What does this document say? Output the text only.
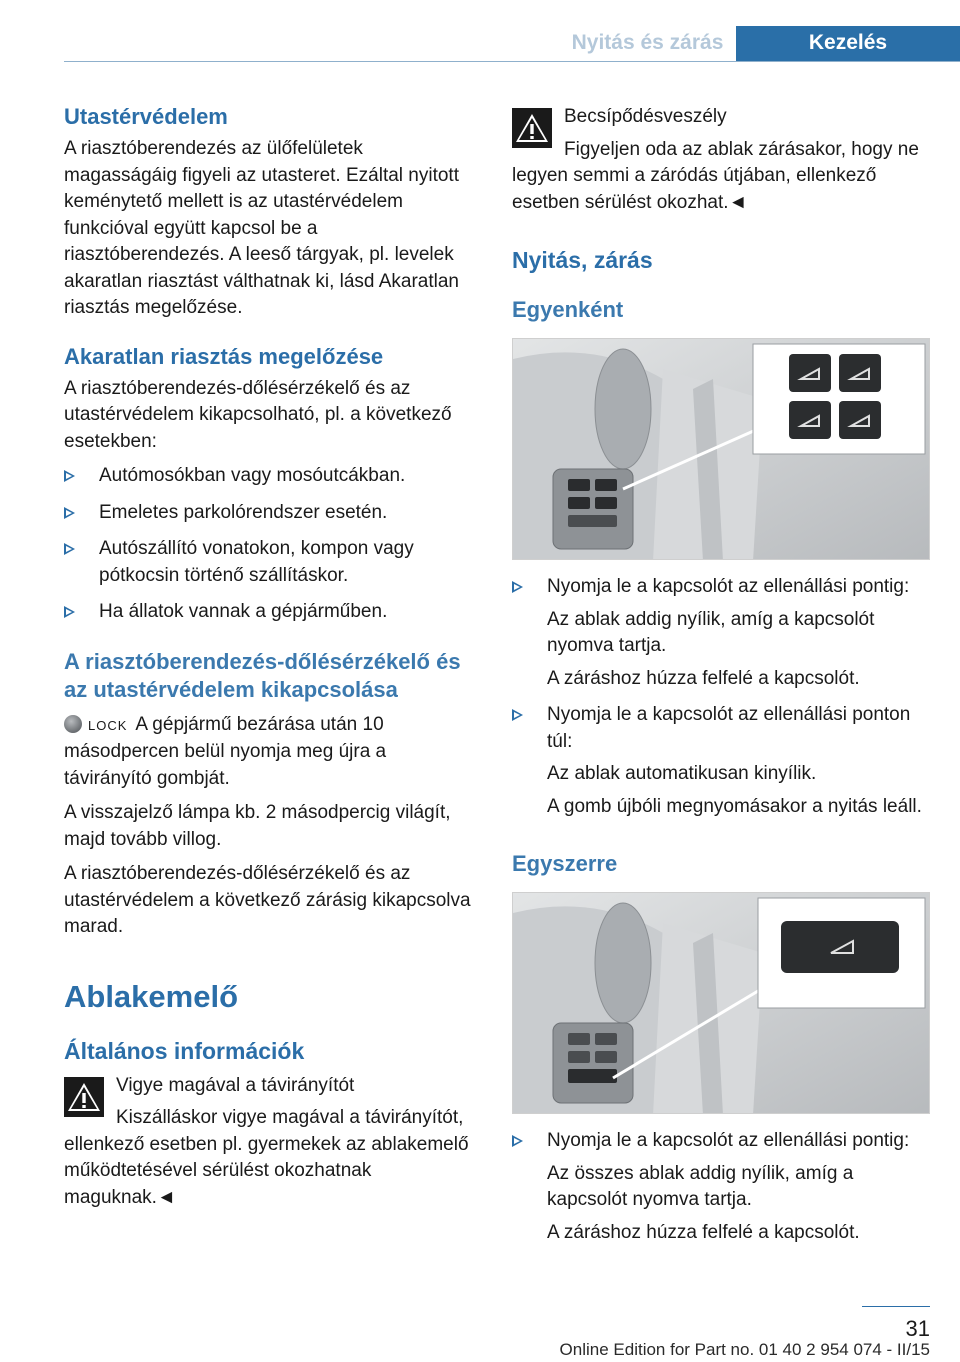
Nyitás és zárás	Kezelés
Utastérvédelem

A riasztóberendezés az ülőfelületek magasságáig figyeli az utasteret. Ezáltal nyitott keménytető mellett is az utastérvédelem funkcióval együtt kapcsol be a riasztóberendezés. A leeső tárgyak, pl. levelek akaratlan riasztást válthatnak ki, lásd Akaratlan riasztás megelőzése.

Akaratlan riasztás megelőzése

A riasztóberendezés-dőlésérzékelő és az utastérvédelem kikapcsolható, pl. a következő esetekben:

Autómosókban vagy mosóutcákban.
Emeletes parkolórendszer esetén.
Autószállító vonatokon, kompon vagy pótkocsin történő szállításkor.
Ha állatok vannak a gépjárműben.
A riasztóberendezés-dőlésérzékelő és az utastérvédelem kikapcsolása

LOCK A gépjármű bezárása után 10 másodpercen belül nyomja meg újra a távirányító gombját.

A visszajelző lámpa kb. 2 másodpercig világít, majd tovább villog.

A riasztóberendezés-dőlésérzékelő és az utastérvédelem a következő zárásig kikapcsolva marad.

Ablakemelő
Általános információk

Vigye magával a távirányítót

Kiszálláskor vigye magával a távirányítót, ellenkező esetben pl. gyermekek az ablakemelő működtetésével sérülést okozhatnak maguknak.◄

Becsípődésveszély

Figyeljen oda az ablak zárásakor, hogy ne legyen semmi a záródás útjában, ellenkező esetben sérülést okozhat.◄

Nyitás, zárás
Egyenként
Nyomja le a kapcsolót az ellenállási pontig:
Az ablak addig nyílik, amíg a kapcsolót nyomva tartja.
A záráshoz húzza felfelé a kapcsolót.
Nyomja le a kapcsolót az ellenállási ponton túl:
Az ablak automatikusan kinyílik.
A gomb újbóli megnyomásakor a nyitás leáll.
Egyszerre
Nyomja le a kapcsolót az ellenállási pontig:
Az összes ablak addig nyílik, amíg a kapcsolót nyomva tartja.
A záráshoz húzza felfelé a kapcsolót.
31
Online Edition for Part no. 01 40 2 954 074 - II/15
